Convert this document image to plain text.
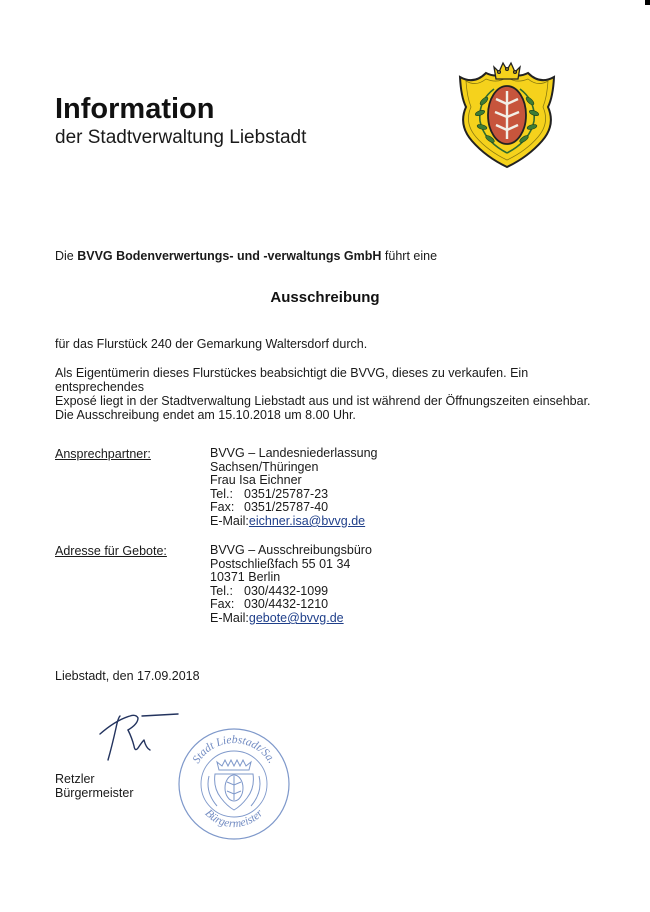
Information
der Stadtverwaltung Liebstadt
Die BVVG Bodenverwertungs- und -verwaltungs GmbH führt eine
Ausschreibung
für das Flurstück 240 der Gemarkung Waltersdorf durch.
Als Eigentümerin dieses Flurstückes beabsichtigt die BVVG, dieses zu verkaufen. Ein entsprechendes
Exposé liegt in der Stadtverwaltung Liebstadt aus und ist während der Öffnungszeiten einsehbar.
Die Ausschreibung endet am 15.10.2018 um 8.00 Uhr.
Ansprechpartner:	BVVG – Landesniederlassung
Sachsen/Thüringen
Frau Isa Eichner
Tel.: 0351/25787-23
Fax: 0351/25787-40
E-Mail:eichner.isa@bvvg.de
Adresse für Gebote:	BVVG – Ausschreibungsbüro
Postschließfach 55 01 34
10371 Berlin
Tel.: 030/4432-1099
Fax: 030/4432-1210
E-Mail:gebote@bvvg.de
Liebstadt, den 17.09.2018
Retzler
Bürgermeister
Stadt Liebstadt/Sa.
Bürgermeister
